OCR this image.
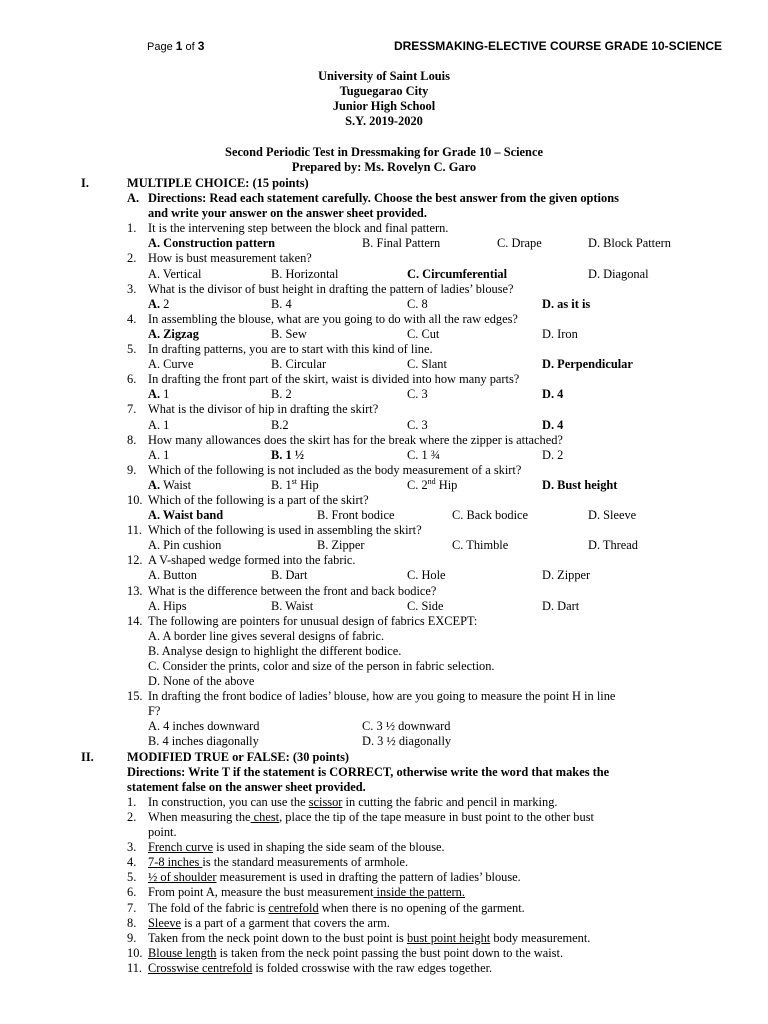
Page 1 of 3	DRESSMAKING-ELECTIVE COURSE GRADE 10-SCIENCE
University of Saint Louis
Tuguegarao City
Junior High School
S.Y. 2019-2020
Second Periodic Test in Dressmaking for Grade 10 – Science
Prepared by: Ms. Rovelyn C. Garo
I.	MULTIPLE CHOICE: (15 points)
A. Directions: Read each statement carefully. Choose the best answer from the given options
and write your answer on the answer sheet provided.
1. It is the intervening step between the block and final pattern.
A. Construction pattern	B. Final Pattern	C. Drape	D. Block Pattern
2. How is bust measurement taken?
A. Vertical	B. Horizontal	C. Circumferential	D. Diagonal
3. What is the divisor of bust height in drafting the pattern of ladies’ blouse?
A. 2	B. 4	C. 8	D. as it is
4. In assembling the blouse, what are you going to do with all the raw edges?
A. Zigzag	B. Sew	C. Cut	D. Iron
5. In drafting patterns, you are to start with this kind of line.
A. Curve	B. Circular	C. Slant	D. Perpendicular
6. In drafting the front part of the skirt, waist is divided into how many parts?
A. 1	B. 2	C. 3	D. 4
7. What is the divisor of hip in drafting the skirt?
A. 1	B.2	C. 3	D. 4
8. How many allowances does the skirt has for the break where the zipper is attached?
A. 1	B. 1 ½	C. 1 ¾	D. 2
9. Which of the following is not included as the body measurement of a skirt?
A. Waist	B. 1st Hip	C. 2nd Hip	D. Bust height
10. Which of the following is a part of the skirt?
A. Waist band	B. Front bodice	C. Back bodice	D. Sleeve
11. Which of the following is used in assembling the skirt?
A. Pin cushion	B. Zipper	C. Thimble	D. Thread
12. A V-shaped wedge formed into the fabric.
A. Button	B. Dart	C. Hole	D. Zipper
13. What is the difference between the front and back bodice?
A. Hips	B. Waist	C. Side	D. Dart
14. The following are pointers for unusual design of fabrics EXCEPT:
A. A border line gives several designs of fabric.
B. Analyse design to highlight the different bodice.
C. Consider the prints, color and size of the person in fabric selection.
D. None of the above
15. In drafting the front bodice of ladies’ blouse, how are you going to measure the point H in line
F?
A. 4 inches downward	C. 3 ½ downward
B. 4 inches diagonally	D. 3 ½ diagonally
II.	MODIFIED TRUE or FALSE: (30 points)
Directions: Write T if the statement is CORRECT, otherwise write the word that makes the
statement false on the answer sheet provided.
1. In construction, you can use the scissor in cutting the fabric and pencil in marking.
2. When measuring the chest, place the tip of the tape measure in bust point to the other bust
point.
3. French curve is used in shaping the side seam of the blouse.
4. 7-8 inches is the standard measurements of armhole.
5. ½ of shoulder measurement is used in drafting the pattern of ladies’ blouse.
6. From point A, measure the bust measurement inside the pattern.
7. The fold of the fabric is centrefold when there is no opening of the garment.
8. Sleeve is a part of a garment that covers the arm.
9. Taken from the neck point down to the bust point is bust point height body measurement.
10. Blouse length is taken from the neck point passing the bust point down to the waist.
11. Crosswise centrefold is folded crosswise with the raw edges together.
